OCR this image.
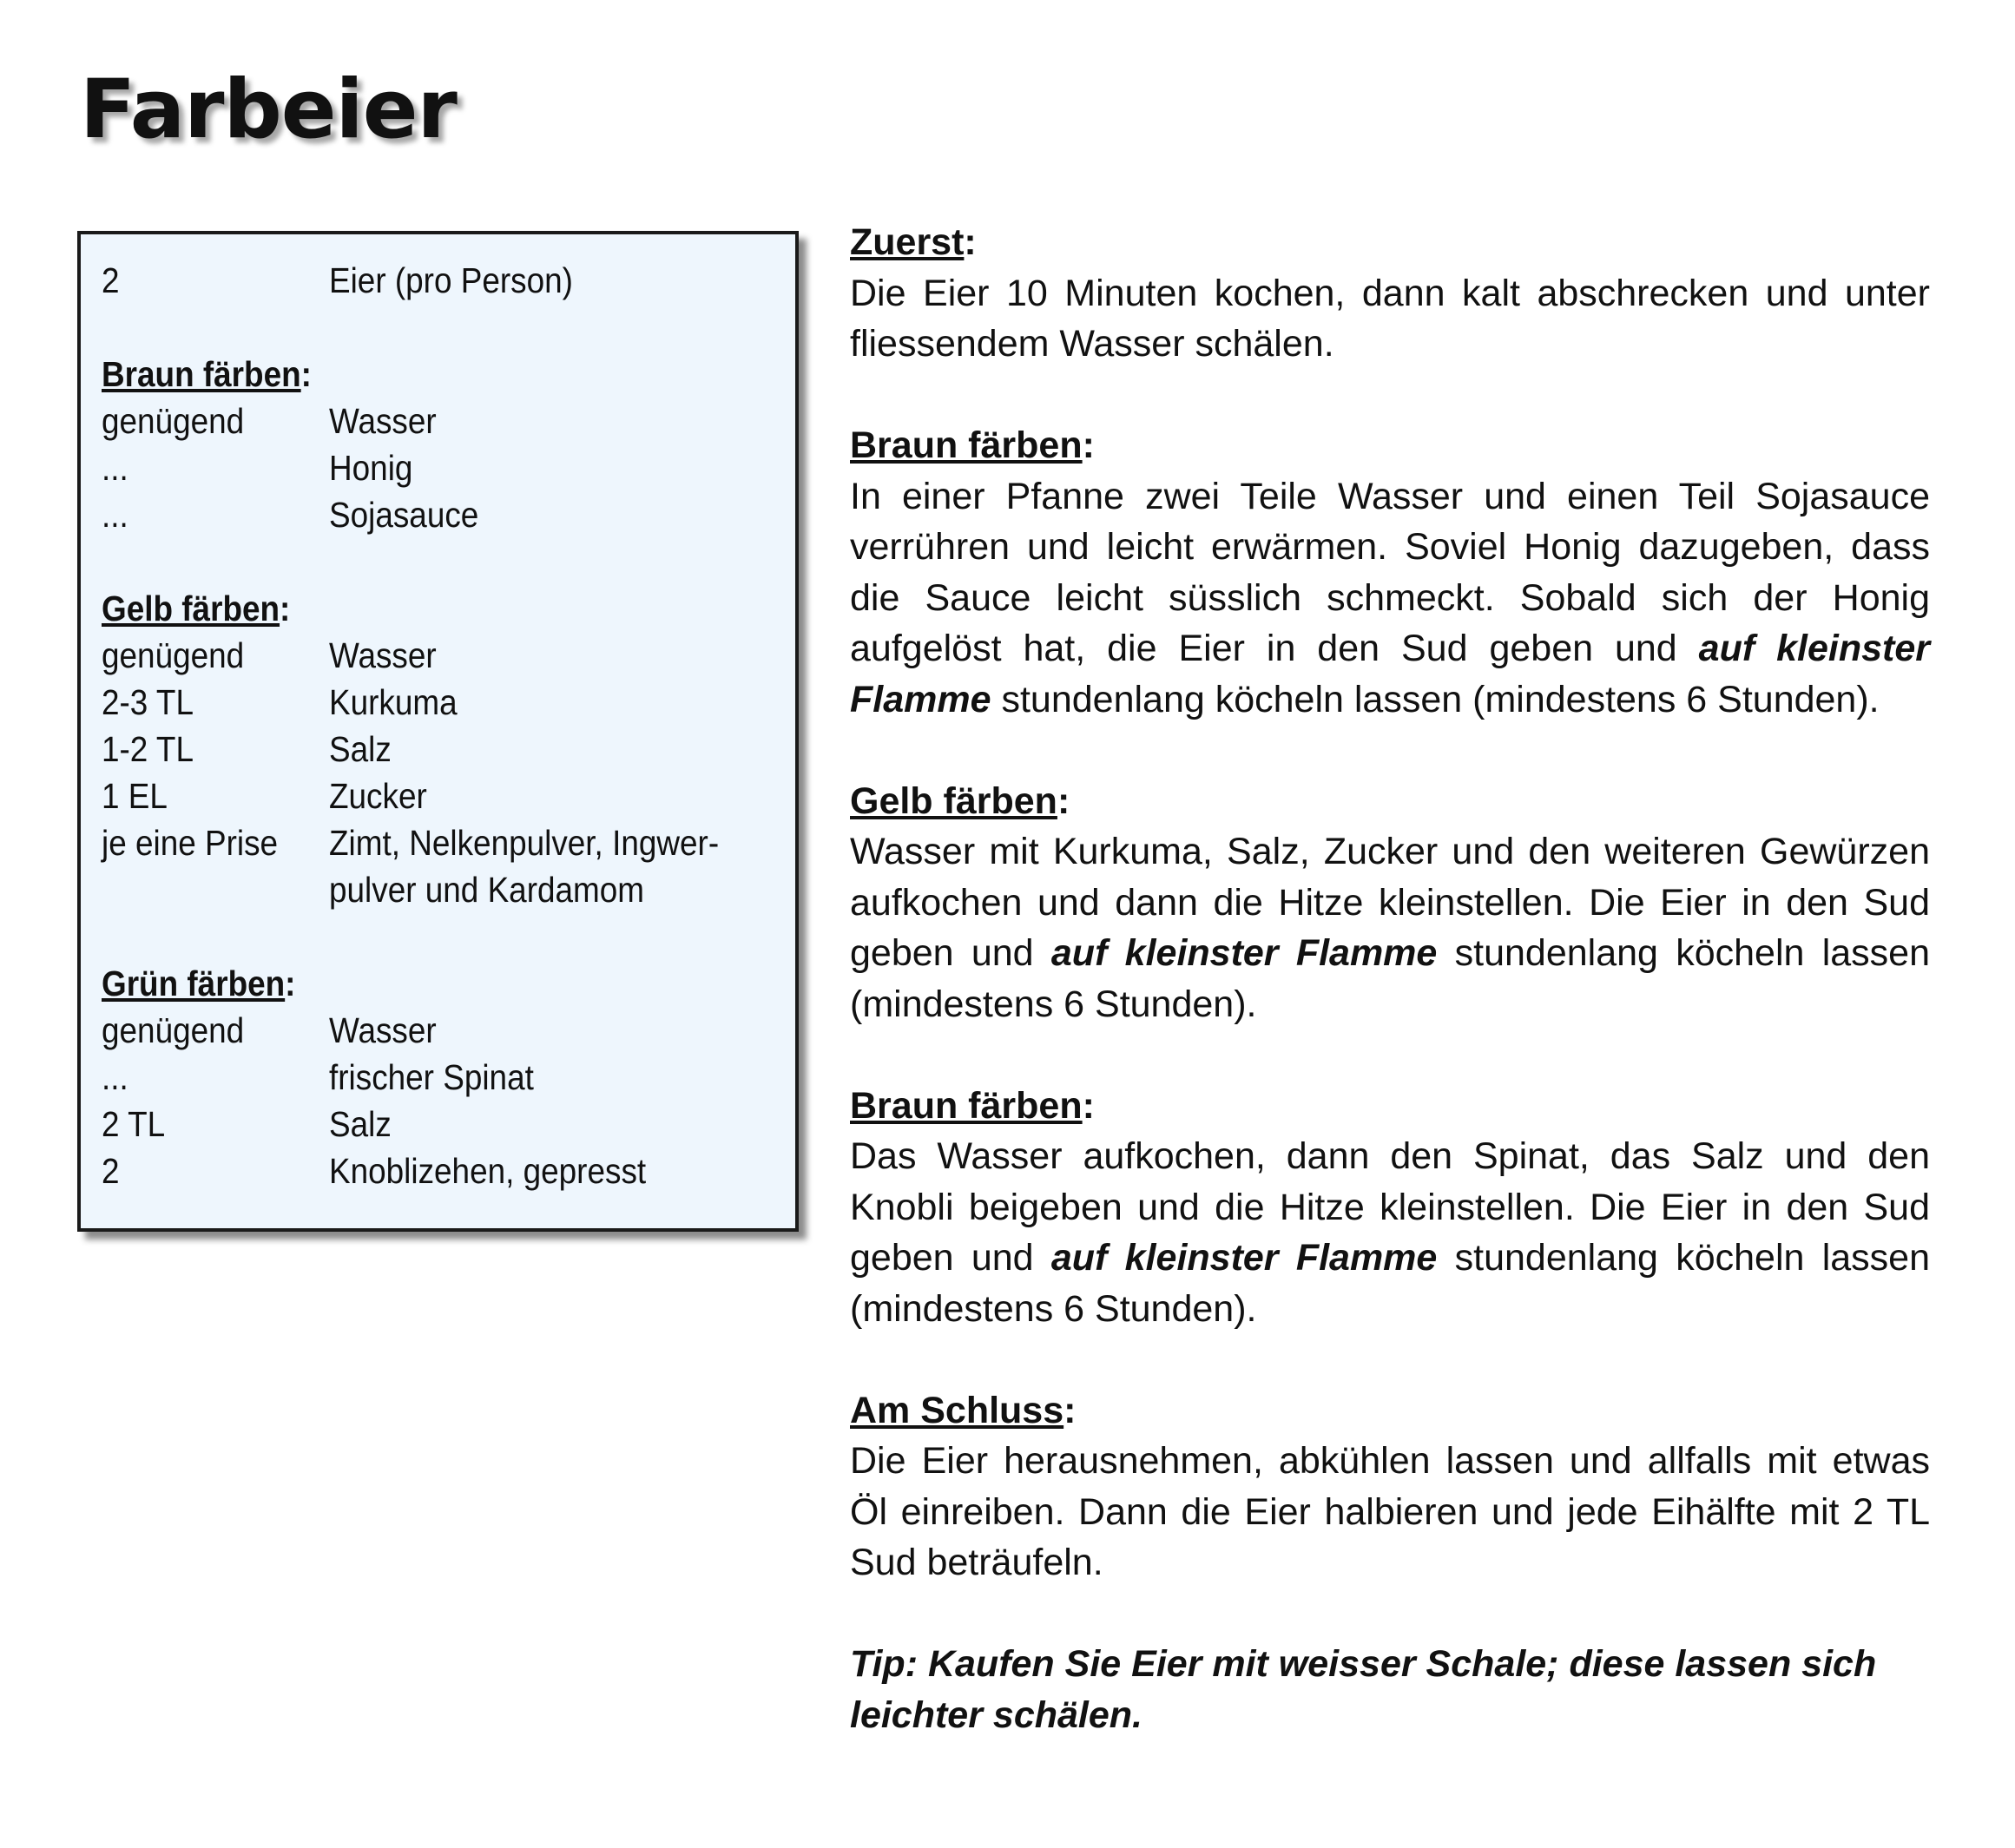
Farbeier
2	Eier (pro Person)
Braun färben:
genügend	Wasser
...	Honig
...	Sojasauce
Gelb färben:
genügend	Wasser
2-3 TL	Kurkuma
1-2 TL	Salz
1 EL	Zucker
je eine Prise	Zimt, Nelkenpulver, Ingwer-
pulver und Kardamom
Grün färben:
genügend	Wasser
...	frischer Spinat
2 TL	Salz
2	Knoblizehen, gepresst
Zuerst:
Die Eier 10 Minuten kochen, dann kalt abschrecken und unter fliessendem Wasser schälen.
Braun färben:
In einer Pfanne zwei Teile Wasser und einen Teil Sojasauce verrühren und leicht erwärmen. Soviel Honig dazugeben, dass die Sauce leicht süsslich schmeckt. Sobald sich der Honig aufgelöst hat, die Eier in den Sud geben und auf kleinster Flamme stundenlang köcheln lassen (mindestens 6 Stunden).
Gelb färben:
Wasser mit Kurkuma, Salz, Zucker und den weiteren Gewürzen aufkochen und dann die Hitze kleinstellen. Die Eier in den Sud geben und auf kleinster Flamme stundenlang köcheln lassen (mindestens 6 Stunden).
Braun färben:
Das Wasser aufkochen, dann den Spinat, das Salz und den Knobli beigeben und die Hitze kleinstellen. Die Eier in den Sud geben und auf kleinster Flamme stundenlang köcheln lassen (mindestens 6 Stunden).
Am Schluss:
Die Eier herausnehmen, abkühlen lassen und allfalls mit etwas Öl einreiben. Dann die Eier halbieren und jede Eihälfte mit 2 TL Sud beträufeln.
Tip: Kaufen Sie Eier mit weisser Schale; diese lassen sich leichter schälen.
